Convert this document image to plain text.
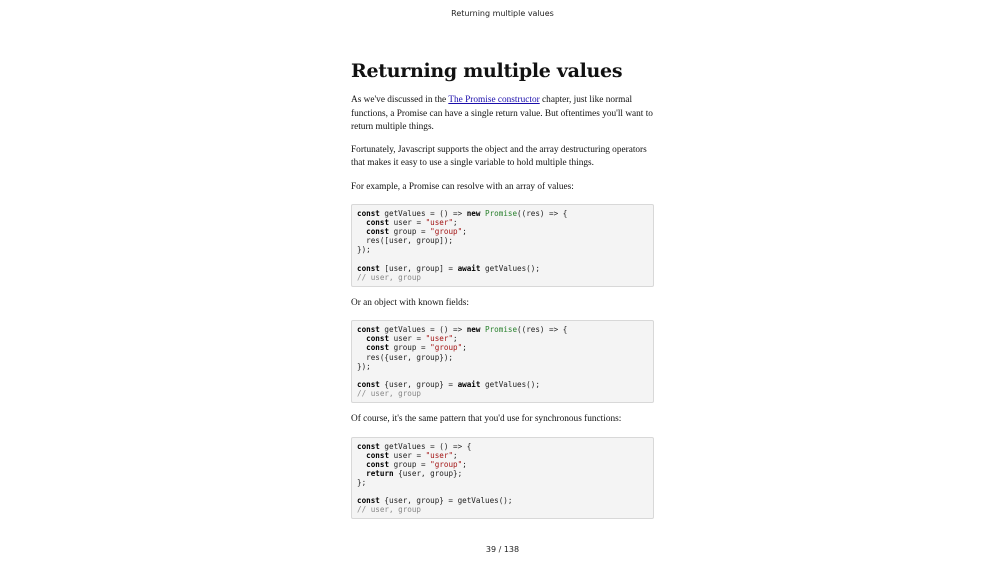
Returning multiple values
Returning multiple values

As we've discussed in the The Promise constructor chapter, just like normal functions, a Promise can have a single return value. But oftentimes you'll want to return multiple things.

Fortunately, Javascript supports the object and the array destructuring operators that makes it easy to use a single variable to hold multiple things.

For example, a Promise can resolve with an array of values:

const getValues = () => new Promise((res) => {
const user = "user";
const group = "group";
res([user, group]);
});
const [user, group] = await getValues();
// user, group

Or an object with known fields:

const getValues = () => new Promise((res) => {
const user = "user";
const group = "group";
res({user, group});
});
const {user, group} = await getValues();
// user, group

Of course, it's the same pattern that you'd use for synchronous functions:

const getValues = () => {
const user = "user";
const group = "group";
return {user, group};
};
const {user, group} = getValues();
// user, group
39 / 138
